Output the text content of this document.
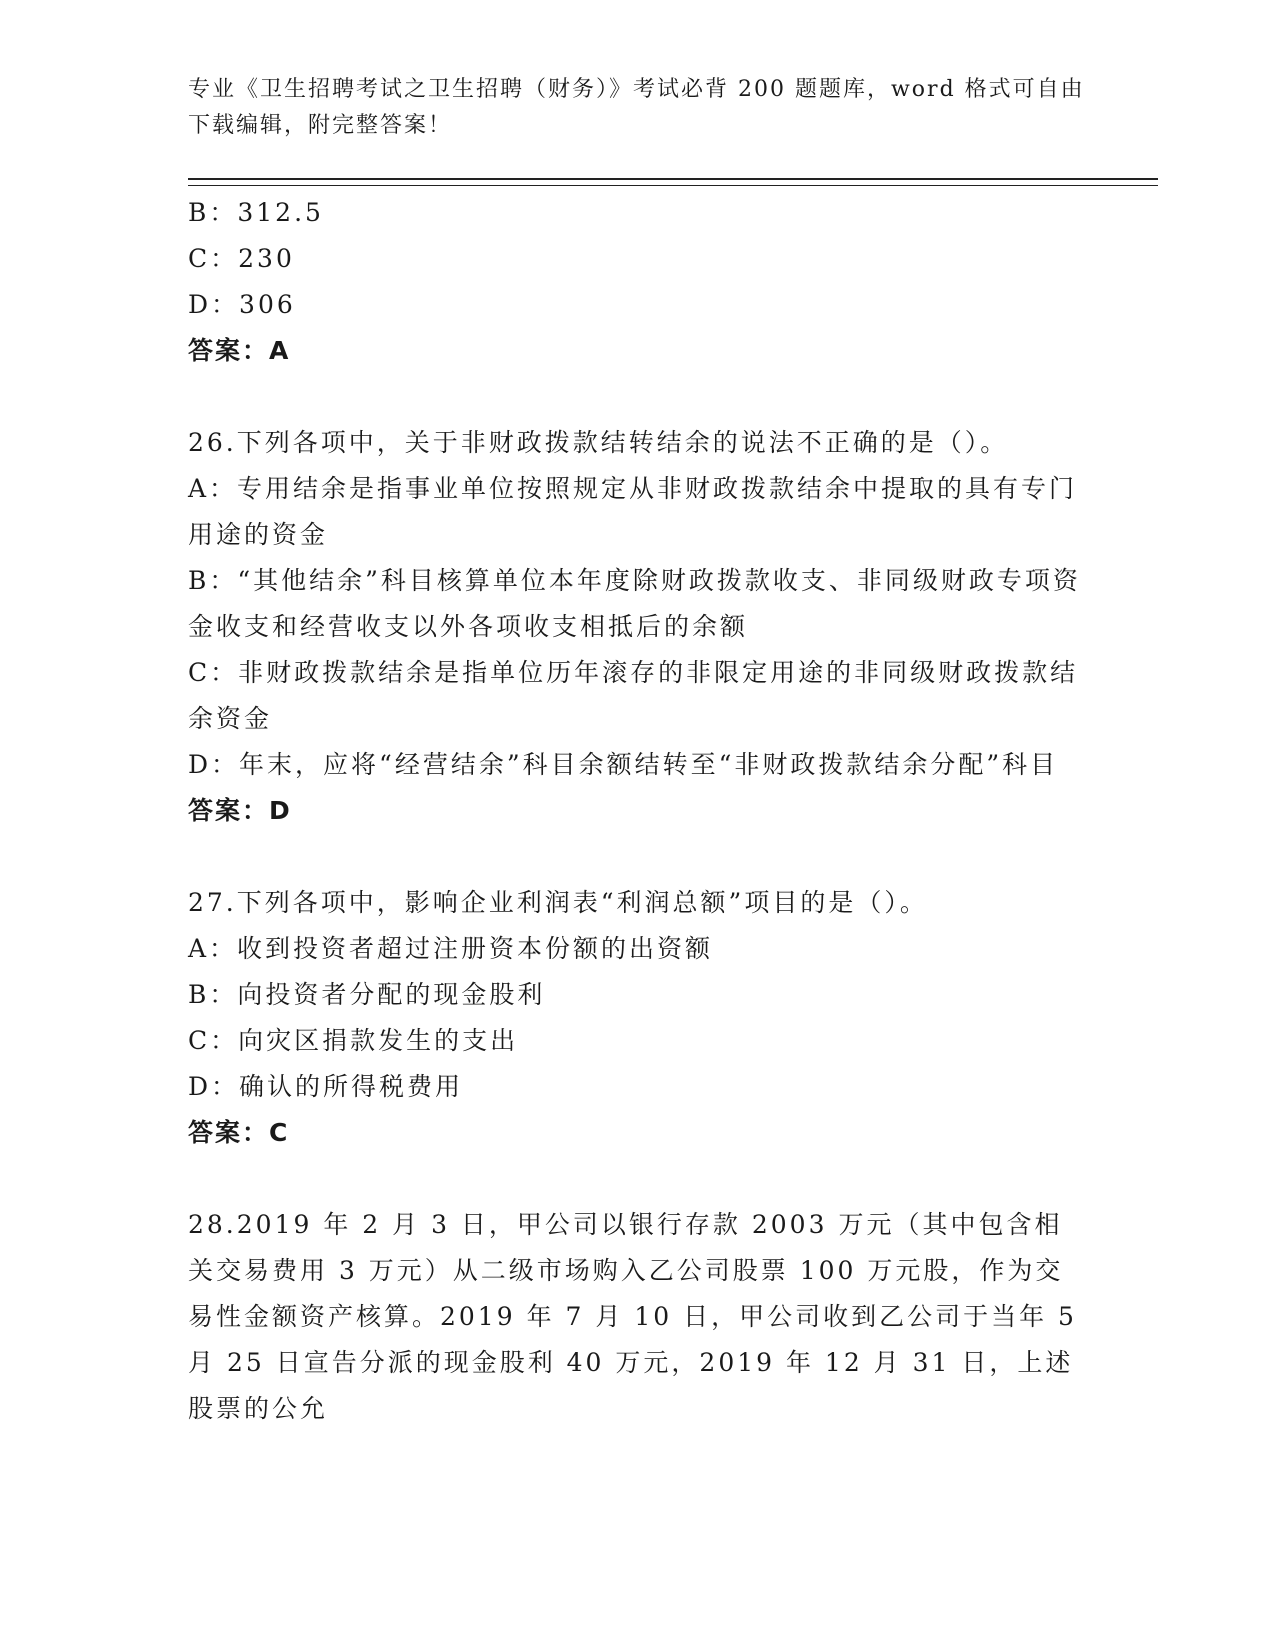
专业《卫生招聘考试之卫生招聘（财务）》考试必背 200 题题库，word 格式可自由下载编辑，附完整答案！

B：312.5

C：230

D：306

答案：A

26.下列各项中，关于非财政拨款结转结余的说法不正确的是（）。

A：专用结余是指事业单位按照规定从非财政拨款结余中提取的具有专门用途的资金

B：“其他结余”科目核算单位本年度除财政拨款收支、非同级财政专项资金收支和经营收支以外各项收支相抵后的余额

C：非财政拨款结余是指单位历年滚存的非限定用途的非同级财政拨款结余资金

D：年末，应将“经营结余”科目余额结转至“非财政拨款结余分配”科目

答案：D

27.下列各项中，影响企业利润表“利润总额”项目的是（）。

A：收到投资者超过注册资本份额的出资额

B：向投资者分配的现金股利

C：向灾区捐款发生的支出

D：确认的所得税费用

答案：C

28.2019 年 2 月 3 日，甲公司以银行存款 2003 万元（其中包含相关交易费用 3 万元）从二级市场购入乙公司股票 100 万元股，作为交易性金额资产核算。2019 年 7 月 10 日，甲公司收到乙公司于当年 5 月 25 日宣告分派的现金股利 40 万元，2019 年 12 月 31 日，上述股票的公允
